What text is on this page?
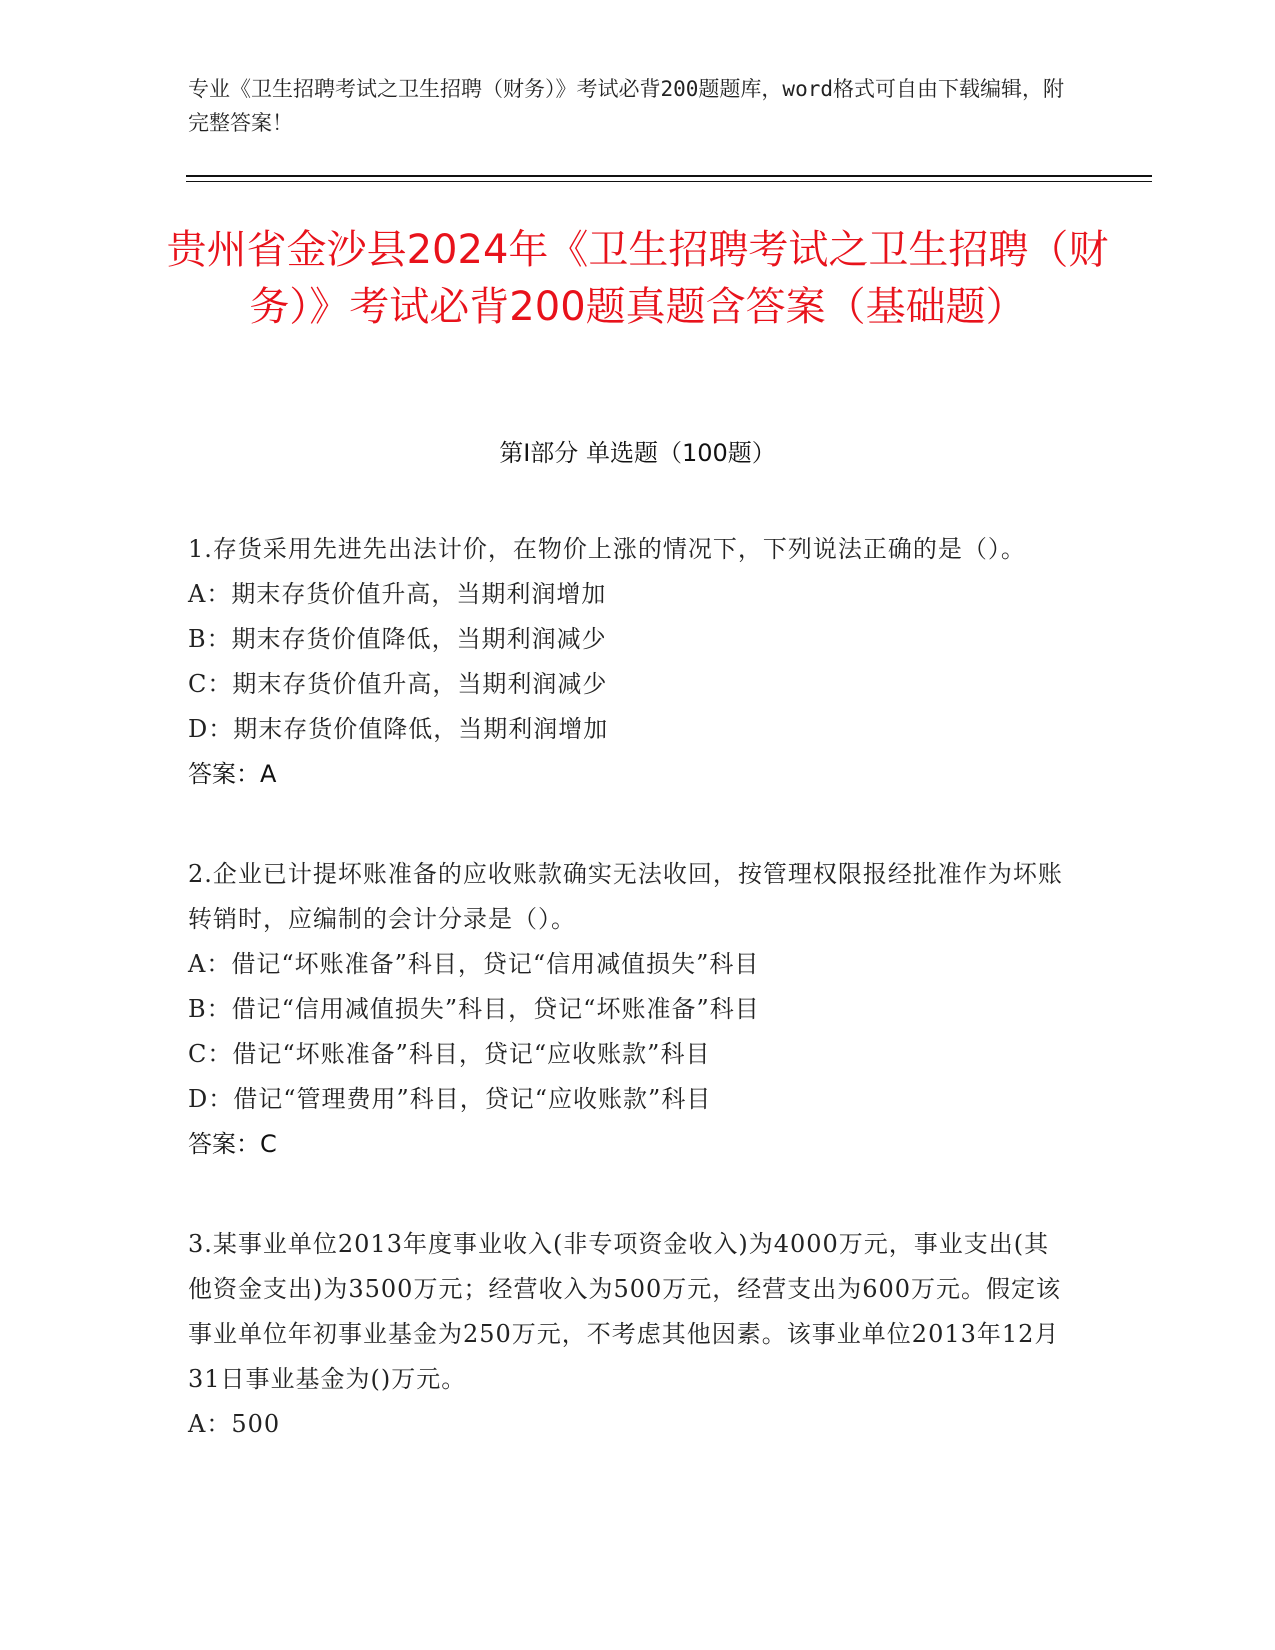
专业《卫生招聘考试之卫生招聘（财务）》考试必背200题题库，word格式可自由下载编辑，附完整答案！
贵州省金沙县2024年《卫生招聘考试之卫生招聘（财务）》考试必背200题真题含答案（基础题）
第Ⅰ部分 单选题（100题）

1.存货采用先进先出法计价，在物价上涨的情况下，下列说法正确的是（）。

A：期末存货价值升高，当期利润增加

B：期末存货价值降低，当期利润减少

C：期末存货价值升高，当期利润减少

D：期末存货价值降低，当期利润增加

答案：A

2.企业已计提坏账准备的应收账款确实无法收回，按管理权限报经批准作为坏账转销时，应编制的会计分录是（）。

A：借记“坏账准备”科目，贷记“信用减值损失”科目

B：借记“信用减值损失”科目，贷记“坏账准备”科目

C：借记“坏账准备”科目，贷记“应收账款”科目

D：借记“管理费用”科目，贷记“应收账款”科目

答案：C

3.某事业单位2013年度事业收入(非专项资金收入)为4000万元，事业支出(其他资金支出)为3500万元；经营收入为500万元，经营支出为600万元。假定该事业单位年初事业基金为250万元，不考虑其他因素。该事业单位2013年12月31日事业基金为()万元。

A：500
